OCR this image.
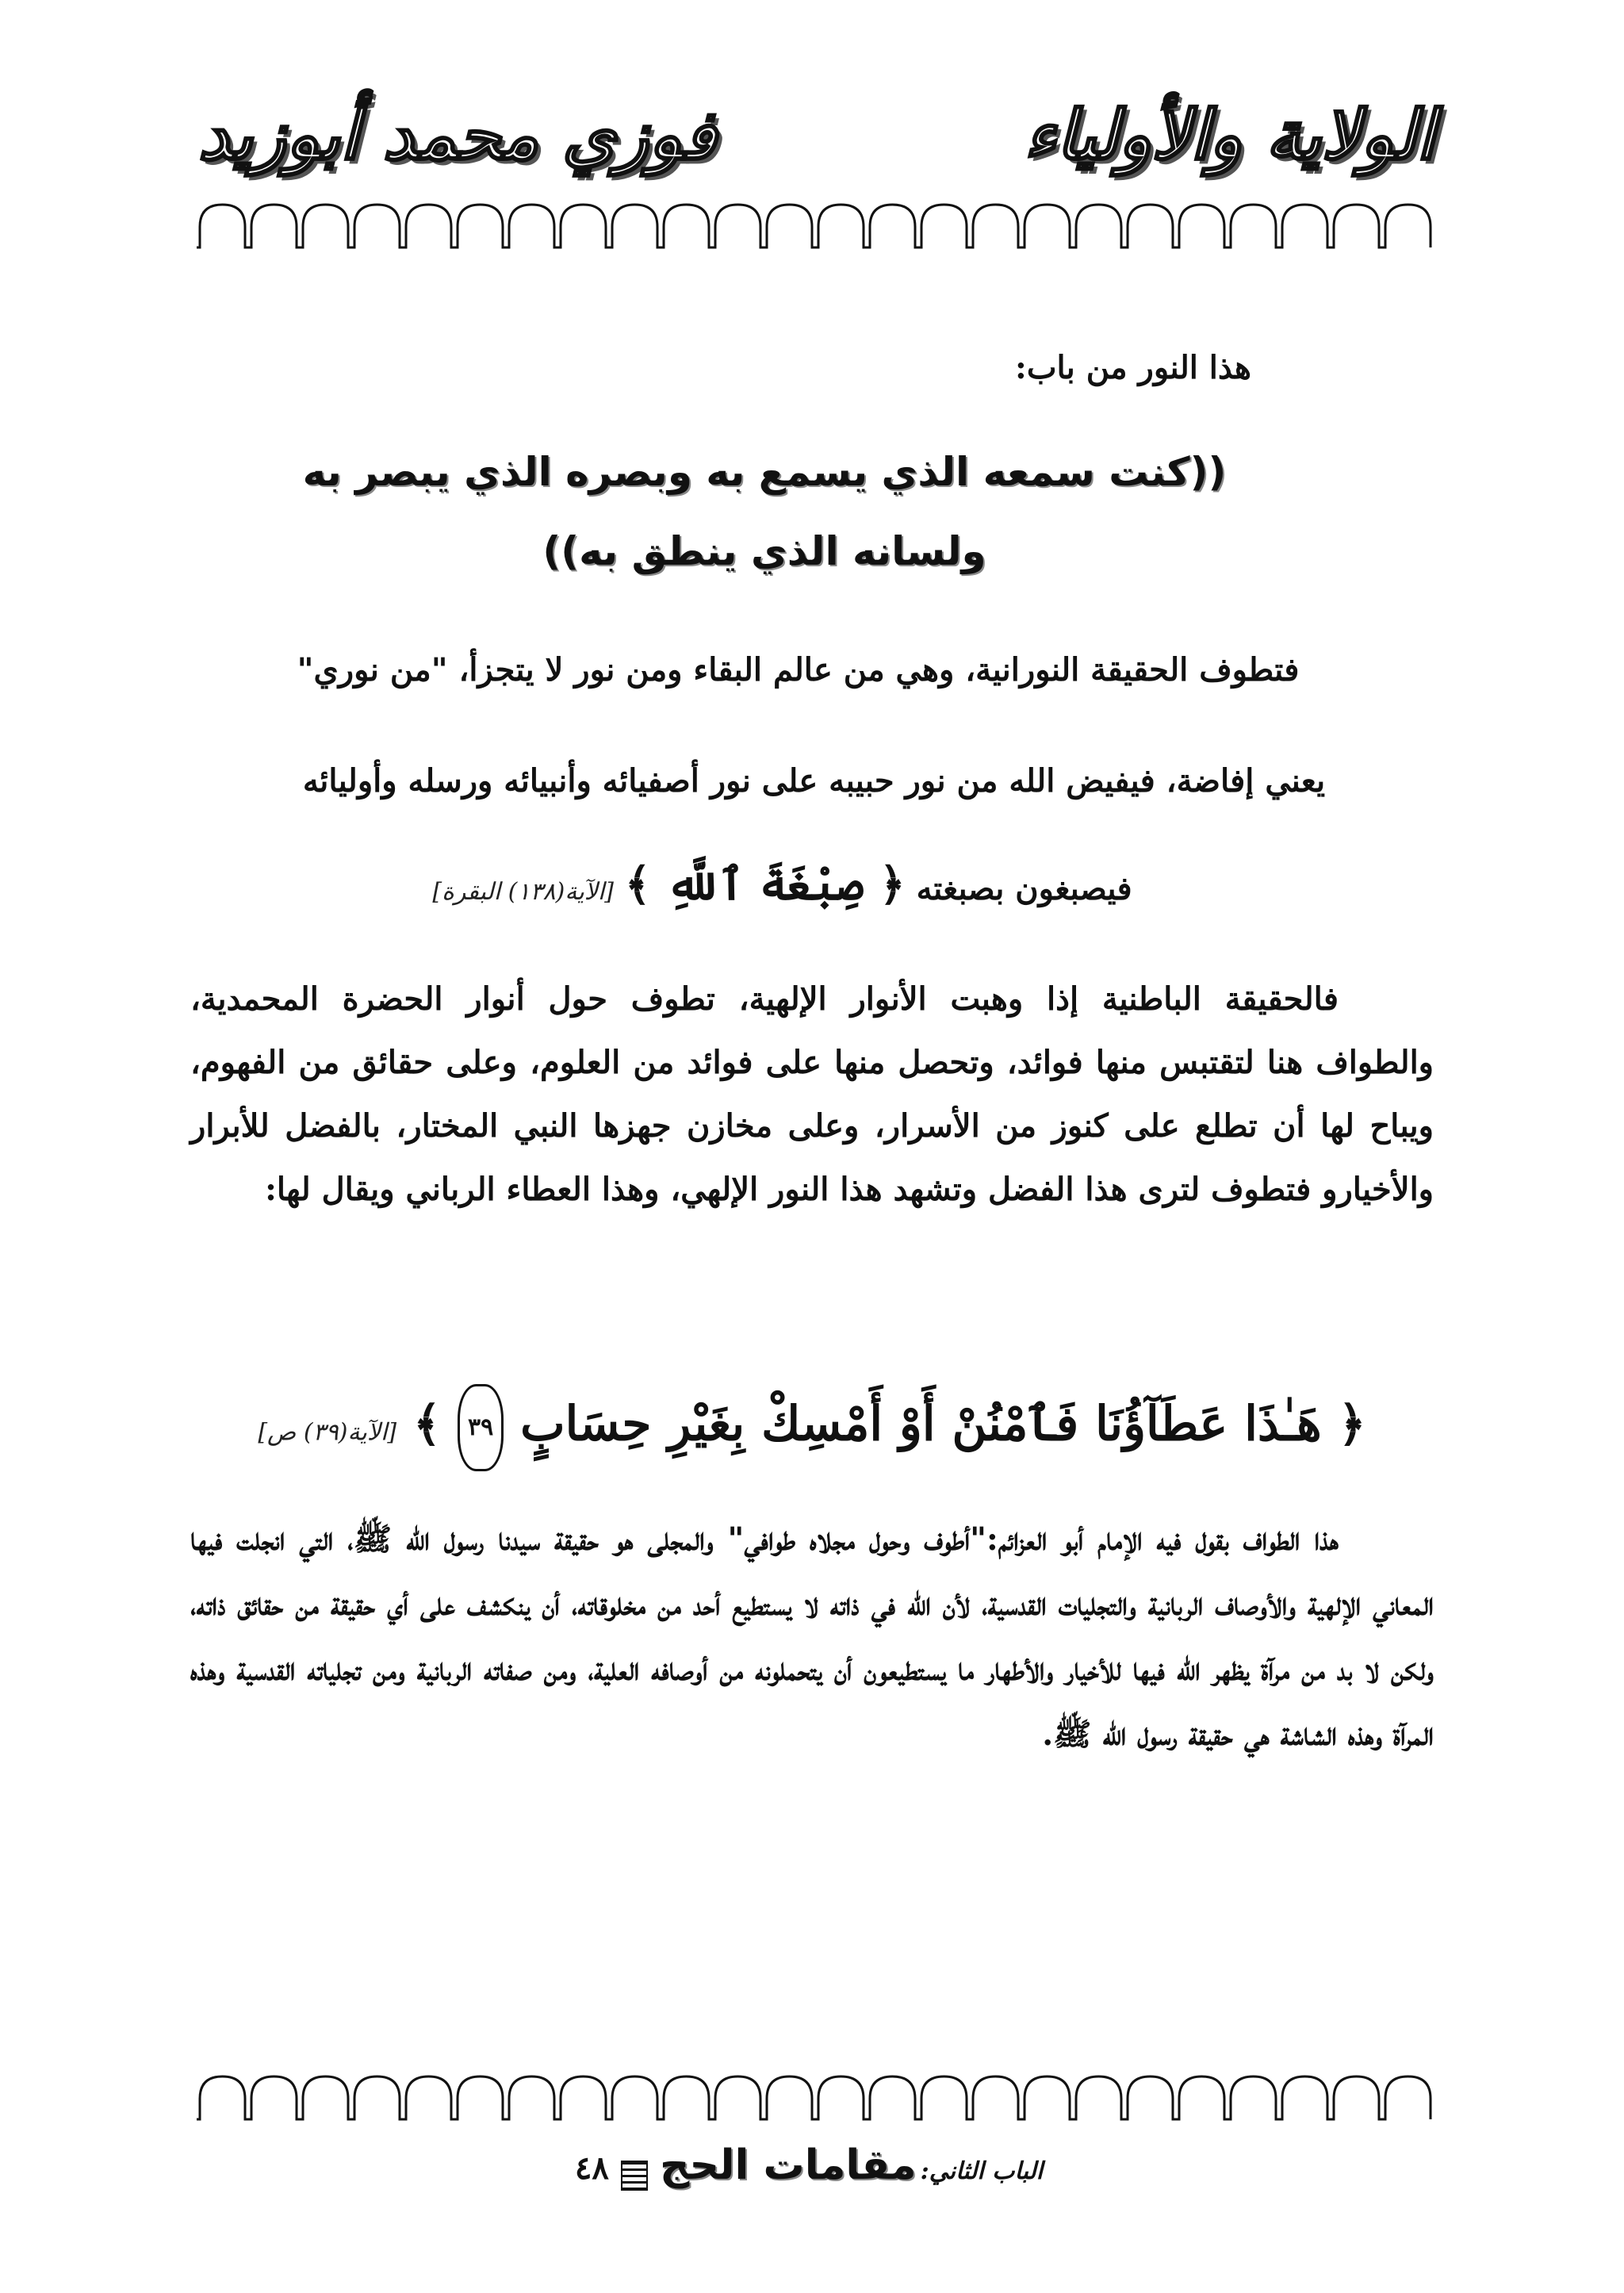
الولاية والأولياء
فوزي محمد أبوزيد
هذا النور من باب:
((كنت سمعه الذي يسمع به وبصره الذي يبصر به ولسانه الذي ينطق به))
فتطوف الحقيقة النورانية، وهي من عالم البقاء ومن نور لا يتجزأ، "من نوري"
يعني إفاضة، فيفيض الله من نور حبيبه على نور أصفيائه وأنبيائه ورسله وأوليائه
فيصبغون بصبغته ﴿ صِبْغَةَ ٱللَّهِ ﴾ [الآية(١٣٨) البقرة]

فالحقيقة الباطنية إذا وهبت الأنوار الإلهية، تطوف حول أنوار الحضرة المحمدية، والطواف هنا لتقتبس منها فوائد، وتحصل منها على فوائد من العلوم، وعلى حقائق من الفهوم، ويباح لها أن تطلع على كنوز من الأسرار، وعلى مخازن جهزها النبي المختار، بالفضل للأبرار والأخيارو فتطوف لترى هذا الفضل وتشهد هذا النور الإلهي، وهذا العطاء الرباني ويقال لها:

﴿ هَـٰذَا عَطَآؤُنَا فَٱمْنُنْ أَوْ أَمْسِكْ بِغَيْرِ حِسَابٍ ٣٩ ﴾ [الآية(٣٩) ص]

هذا الطواف بقول فيه الإمام أبو العزائم:"أطوف وحول مجلاه طوافي" والمجلى هو حقيقة سيدنا رسول الله ﷺ، التي انجلت فيها المعاني الإلهية والأوصاف الربانية والتجليات القدسية، لأن الله في ذاته لا يستطيع أحد من مخلوقاته، أن ينكشف على أي حقيقة من حقائق ذاته، ولكن لا بد من مرآة يظهر الله فيها للأخيار والأطهار ما يستطيعون أن يتحملونه من أوصافه العلية، ومن صفاته الربانية ومن تجلياته القدسية وهذه المرآة وهذه الشاشة هي حقيقة رسول الله ﷺ.

الباب الثاني: مقامات الحج  ٤٨
